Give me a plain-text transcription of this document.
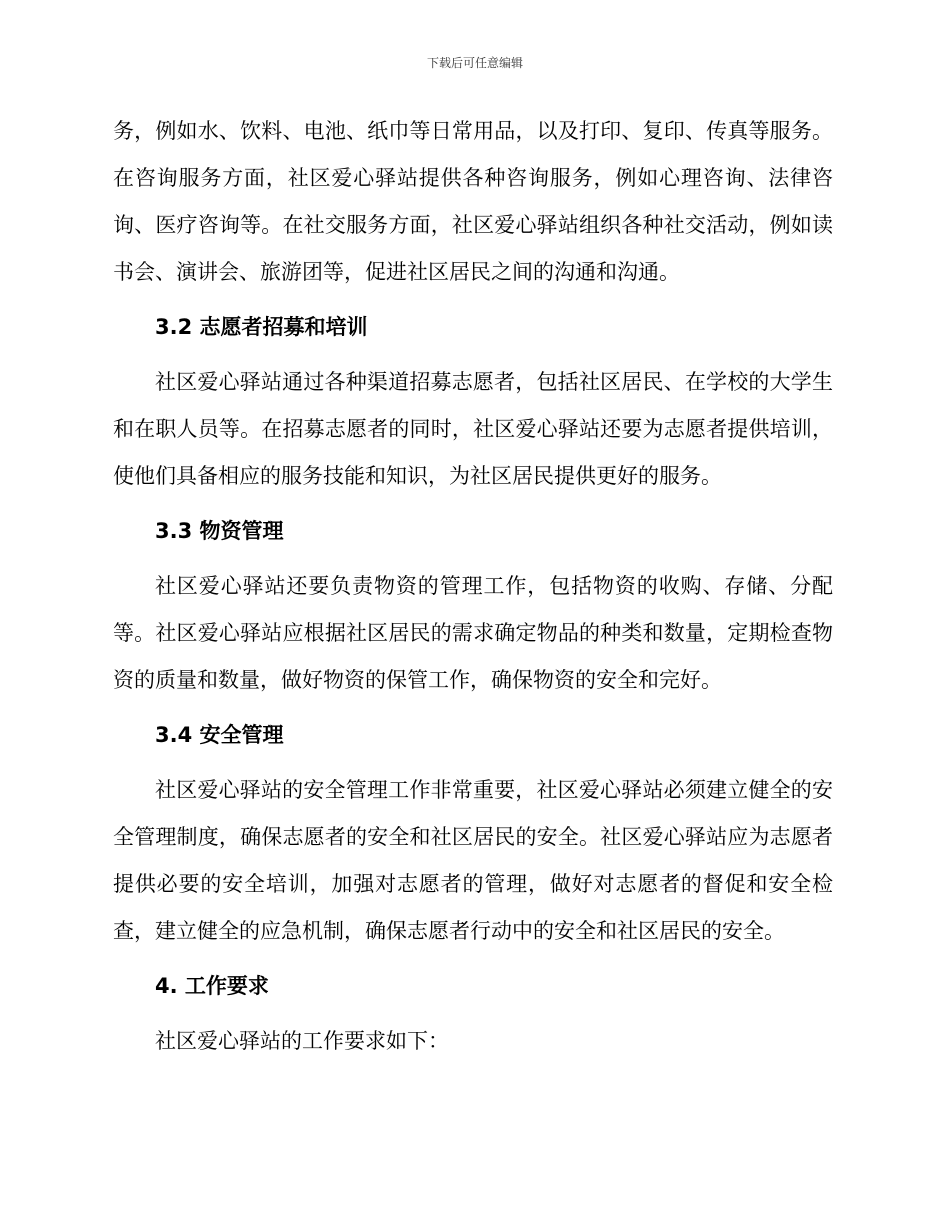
下载后可任意编辑

务，例如水、饮料、电池、纸巾等日常用品，以及打印、复印、传真等服务。在咨询服务方面，社区爱心驿站提供各种咨询服务，例如心理咨询、法律咨询、医疗咨询等。在社交服务方面，社区爱心驿站组织各种社交活动，例如读书会、演讲会、旅游团等，促进社区居民之间的沟通和沟通。

3.2 志愿者招募和培训

社区爱心驿站通过各种渠道招募志愿者，包括社区居民、在学校的大学生和在职人员等。在招募志愿者的同时，社区爱心驿站还要为志愿者提供培训，使他们具备相应的服务技能和知识，为社区居民提供更好的服务。

3.3 物资管理

社区爱心驿站还要负责物资的管理工作，包括物资的收购、存储、分配等。社区爱心驿站应根据社区居民的需求确定物品的种类和数量，定期检查物资的质量和数量，做好物资的保管工作，确保物资的安全和完好。

3.4 安全管理

社区爱心驿站的安全管理工作非常重要，社区爱心驿站必须建立健全的安全管理制度，确保志愿者的安全和社区居民的安全。社区爱心驿站应为志愿者提供必要的安全培训，加强对志愿者的管理，做好对志愿者的督促和安全检查，建立健全的应急机制，确保志愿者行动中的安全和社区居民的安全。

4. 工作要求

社区爱心驿站的工作要求如下：
